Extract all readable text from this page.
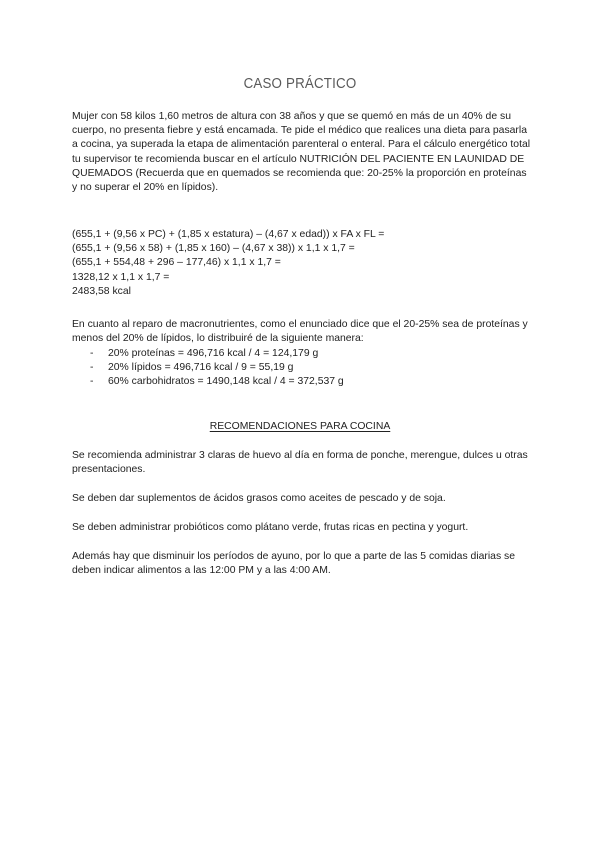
CASO PRÁCTICO

Mujer con 58 kilos 1,60 metros de altura con 38 años y que se quemó en más de un 40% de su cuerpo, no presenta fiebre y está encamada. Te pide el médico que realices una dieta para pasarla a cocina, ya superada la etapa de alimentación parenteral o enteral. Para el cálculo energético total tu supervisor te recomienda buscar en el artículo NUTRICIÓN DEL PACIENTE EN LAUNIDAD DE QUEMADOS (Recuerda que en quemados se recomienda que: 20-25% la proporción en proteínas y no superar el 20% en lípidos).

(655,1 + (9,56 x PC) + (1,85 x estatura) – (4,67 x edad)) x FA x FL =
(655,1 + (9,56 x 58) + (1,85 x 160) – (4,67 x 38)) x 1,1 x 1,7 =
(655,1 + 554,48 + 296 – 177,46) x 1,1 x 1,7 =
1328,12 x 1,1 x 1,7 =
2483,58 kcal

En cuanto al reparo de macronutrientes, como el enunciado dice que el 20-25% sea de proteínas y menos del 20% de lípidos, lo distribuiré de la siguiente manera:

- 20% proteínas = 496,716 kcal / 4 = 124,179 g
- 20% lípidos = 496,716 kcal / 9 = 55,19 g
- 60% carbohidratos = 1490,148 kcal / 4 = 372,537 g
RECOMENDACIONES PARA COCINA

Se recomienda administrar 3 claras de huevo al día en forma de ponche, merengue, dulces u otras presentaciones.

Se deben dar suplementos de ácidos grasos como aceites de pescado y de soja.

Se deben administrar probióticos como plátano verde, frutas ricas en pectina y yogurt.

Además hay que disminuir los períodos de ayuno, por lo que a parte de las 5 comidas diarias se deben indicar alimentos a las 12:00 PM y a las 4:00 AM.
